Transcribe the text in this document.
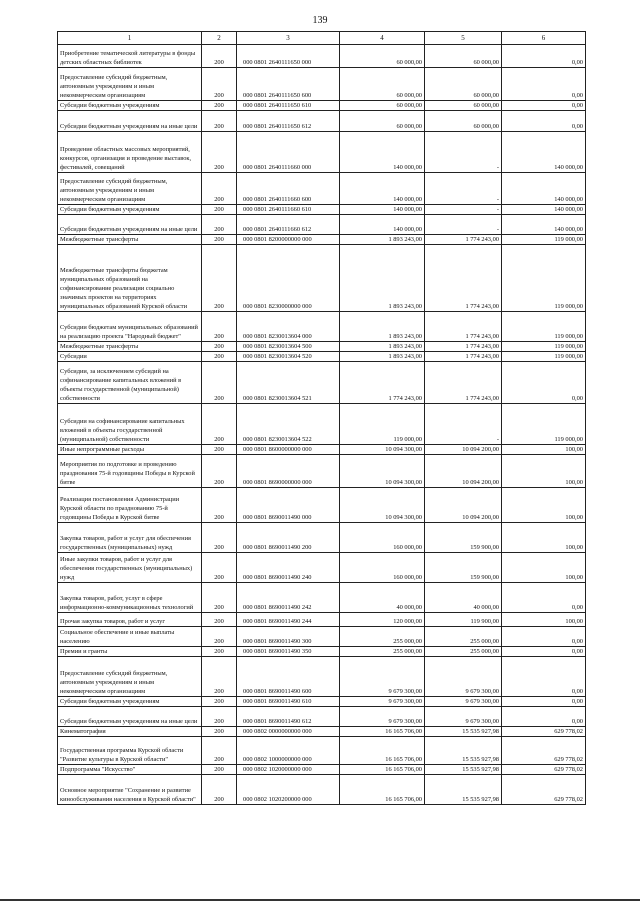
139
1	2	3	4	5	6
Приобретение тематической литературы в фонды детских областных библиотек	200	000 0801 2640111650 000	60 000,00	60 000,00	0,00
Предоставление субсидий бюджетным, автономным учреждениям и иным некоммерческим организациям	200	000 0801 2640111650 600	60 000,00	60 000,00	0,00
Субсидии бюджетным учреждениям	200	000 0801 2640111650 610	60 000,00	60 000,00	0,00
Субсидии бюджетным учреждениям на иные цели	200	000 0801 2640111650 612	60 000,00	60 000,00	0,00
Проведение областных массовых мероприятий, конкурсов, организация и проведение выставок, фестивалей, совещаний	200	000 0801 2640111660 000	140 000,00	-	140 000,00
Предоставление субсидий бюджетным, автономным учреждениям и иным некоммерческим организациям	200	000 0801 2640111660 600	140 000,00	-	140 000,00
Субсидии бюджетным учреждениям	200	000 0801 2640111660 610	140 000,00	-	140 000,00
Субсидии бюджетным учреждениям на иные цели	200	000 0801 2640111660 612	140 000,00	-	140 000,00
Межбюджетные трансферты	200	000 0801 8200000000 000	1 893 243,00	1 774 243,00	119 000,00
Межбюджетные трансферты бюджетам муниципальных образований на софинансирование реализации социально значимых проектов на территориях муниципальных образований Курской области	200	000 0801 8230000000 000	1 893 243,00	1 774 243,00	119 000,00
Субсидии бюджетам муниципальных образований на реализацию проекта "Народный бюджет"	200	000 0801 8230013604 000	1 893 243,00	1 774 243,00	119 000,00
Межбюджетные трансферты	200	000 0801 8230013604 500	1 893 243,00	1 774 243,00	119 000,00
Субсидии	200	000 0801 8230013604 520	1 893 243,00	1 774 243,00	119 000,00
Субсидии, за исключением субсидий на софинансирование капитальных вложений в объекты государственной (муниципальной) собственности	200	000 0801 8230013604 521	1 774 243,00	1 774 243,00	0,00
Субсидии на софинансирование капитальных вложений в объекты государственной (муниципальной) собственности	200	000 0801 8230013604 522	119 000,00	-	119 000,00
Иные непрограммные расходы	200	000 0801 8600000000 000	10 094 300,00	10 094 200,00	100,00
Мероприятия по подготовке и проведению празднования 75-й годовщины Победы в Курской битве	200	000 0801 8690000000 000	10 094 300,00	10 094 200,00	100,00
Реализация постановления Администрации Курской области по празднованию 75-й годовщины Победы в Курской битве	200	000 0801 8690011490 000	10 094 300,00	10 094 200,00	100,00
Закупка товаров, работ и услуг для обеспечения государственных (муниципальных) нужд	200	000 0801 8690011490 200	160 000,00	159 900,00	100,00
Иные закупки товаров, работ и услуг для обеспечения государственных (муниципальных) нужд	200	000 0801 8690011490 240	160 000,00	159 900,00	100,00
Закупка товаров, работ, услуг в сфере информационно-коммуникационных технологий	200	000 0801 8690011490 242	40 000,00	40 000,00	0,00
Прочая закупка товаров, работ и услуг	200	000 0801 8690011490 244	120 000,00	119 900,00	100,00
Социальное обеспечение и иные выплаты населению	200	000 0801 8690011490 300	255 000,00	255 000,00	0,00
Премии и гранты	200	000 0801 8690011490 350	255 000,00	255 000,00	0,00
Предоставление субсидий бюджетным, автономным учреждениям и иным некоммерческим организациям	200	000 0801 8690011490 600	9 679 300,00	9 679 300,00	0,00
Субсидии бюджетным учреждениям	200	000 0801 8690011490 610	9 679 300,00	9 679 300,00	0,00
Субсидии бюджетным учреждениям на иные цели	200	000 0801 8690011490 612	9 679 300,00	9 679 300,00	0,00
Кинематография	200	000 0802 0000000000 000	16 165 706,00	15 535 927,98	629 778,02
Государственная программа Курской области "Развитие культуры в Курской области"	200	000 0802 1000000000 000	16 165 706,00	15 535 927,98	629 778,02
Подпрограмма "Искусство"	200	000 0802 1020000000 000	16 165 706,00	15 535 927,98	629 778,02
Основное мероприятие "Сохранение и развитие кинообслуживания населения в Курской области"	200	000 0802 1020200000 000	16 165 706,00	15 535 927,98	629 778,02
